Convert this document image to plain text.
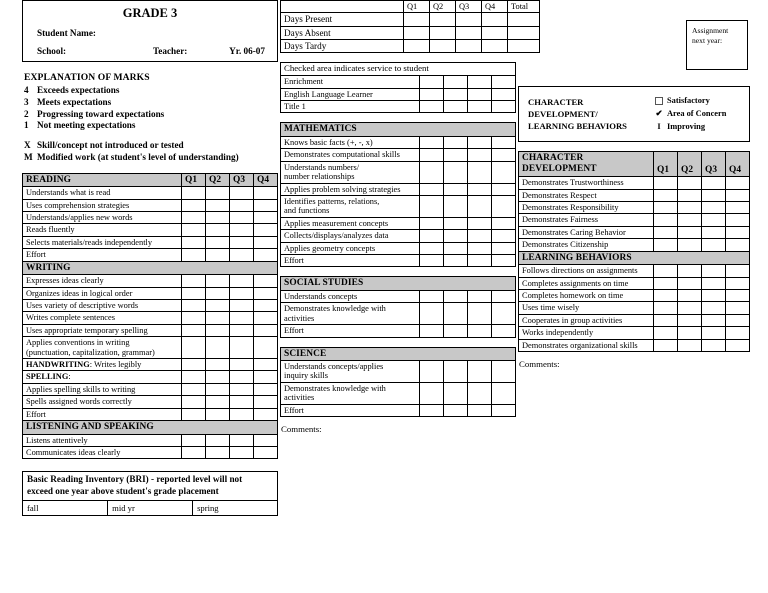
Assignment
next year:
GRADE 3
Student Name:
School:	Teacher:	Yr. 06-07
EXPLANATION OF MARKS
4 Exceeds expectations
3 Meets expectations
2 Progressing toward expectations
1 Not meeting expectations
X Skill/concept not introduced or tested
M Modified work (at student's level of understanding)
READING	Q1	Q2	Q3	Q4
Understands what is read				
Uses comprehension strategies				
Understands/applies new words				
Reads fluently				
Selects materials/reads independently				
Effort				
WRITING				
Expresses ideas clearly				
Organizes ideas in logical order				
Uses variety of descriptive words				
Writes complete sentences				
Uses appropriate temporary spelling				
Applies conventions in writing
(punctuation, capitalization, grammar)				
HANDWRITING: Writes legibly				
SPELLING:				
Applies spelling skills to writing				
Spells assigned words correctly				
Effort				
LISTENING AND SPEAKING				
Listens attentively				
Communicates ideas clearly				
Basic Reading Inventory (BRI) - reported level will not
exceed one year above student's grade placement
fall	mid yr	spring
	Q1	Q2	Q3	Q4	Total
Days Present					
Days Absent					
Days Tardy					
Checked area indicates service to student				
Enrichment				
English Language Learner				
Title 1				
MATHEMATICS				
Knows basic facts (+, -, x)				
Demonstrates computational skills				
Understands numbers/
number relationships				
Applies problem solving strategies				
Identifies patterns, relations,
and functions				
Applies measurement concepts				
Collects/displays/analyzes data				
Applies geometry concepts				
Effort				
SOCIAL STUDIES				
Understands concepts				
Demonstrates knowledge with
activities				
Effort				
SCIENCE				
Understands concepts/applies
inquiry skills				
Demonstrates knowledge with
activities				
Effort				
Comments:
CHARACTER
DEVELOPMENT/
LEARNING BEHAVIORS
Satisfactory
✔ Area of Concern
I Improving
CHARACTER
DEVELOPMENT	Q1	Q2	Q3	Q4
Demonstrates Trustworthiness				
Demonstrates Respect				
Demonstrates Responsibility				
Demonstrates Fairness				
Demonstrates Caring Behavior				
Demonstrates Citizenship				
LEARNING BEHAVIORS				
Follows directions on assignments				
Completes assignments on time				
Completes homework on time				
Uses time wisely				
Cooperates in group activities				
Works independently				
Demonstrates organizational skills				
Comments:
